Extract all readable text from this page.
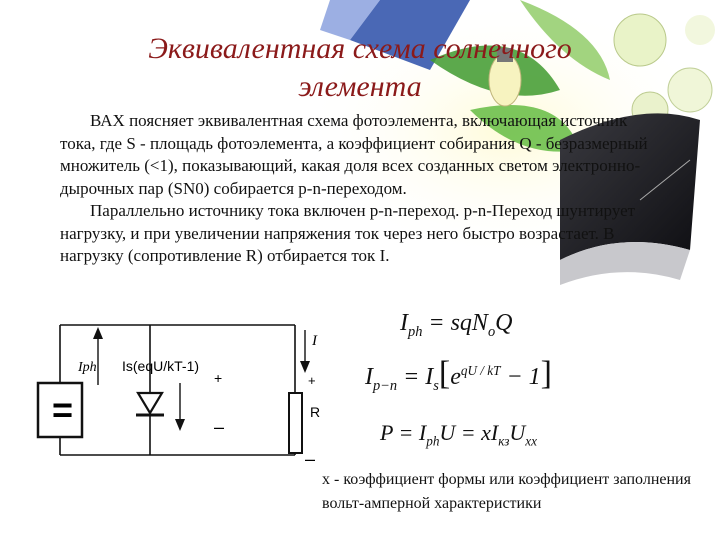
Эквивалентная схема солнечного
элемента

ВАХ поясняет эквивалентная схема фотоэлемента, включающая источник тока, где S - площадь фотоэлемента, а коэффициент собирания Q - безразмерный множитель (<1), показывающий, какая доля всех созданных светом электронно-дырочных пар (SN0) собирается p-n-переходом.

Параллельно источнику тока включен p-n-переход. p-n-Переход шунтирует нагрузку, и при увеличении напряжения ток через него быстро возрастает. В нагрузку (сопротивление R) отбирается ток I.

=
Iph Is(eqU/kT-1)
+
–
I
+
R
–
$I_{ph} = sqN_oQ$
$I_{p-n} = I_s[e^{qU / kT} - 1]$
$P = I_{ph}U = xI_{кз}U_{хх}$
x - коэффициент формы или коэффициент заполнения вольт-амперной характеристики
